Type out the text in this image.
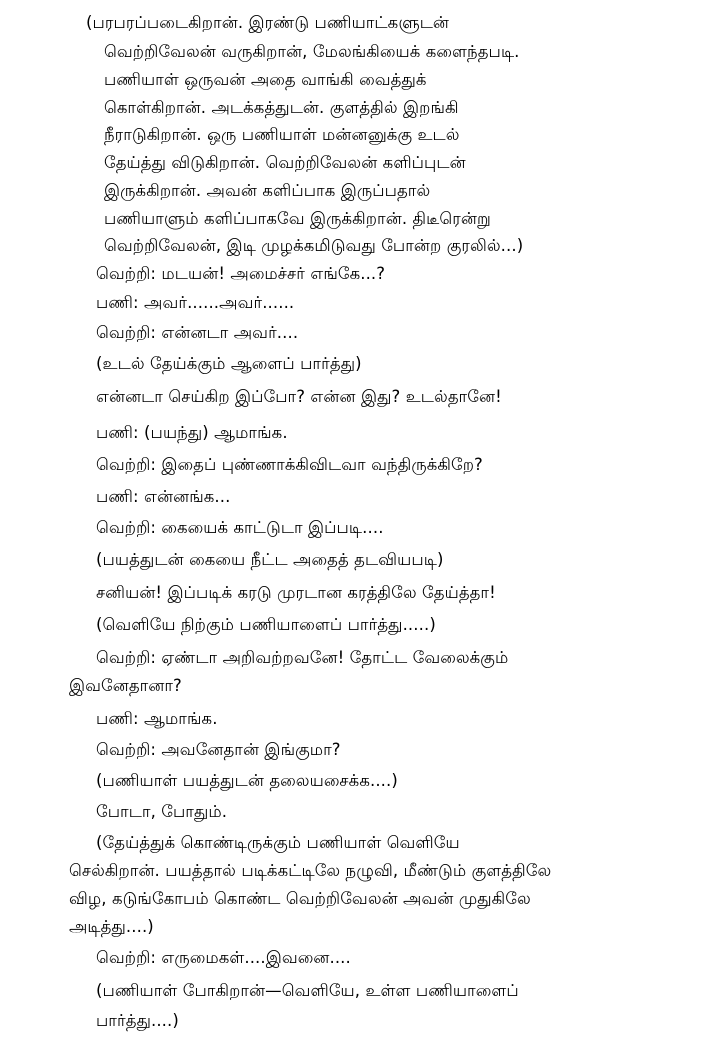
(பரபரப்படைகிறான். இரண்டு பணியாட்களுடன்
வெற்றிவேலன் வருகிறான், மேலங்கியைக் களைந்தபடி.
பணியாள் ஒருவன் அதை வாங்கி வைத்துக்
கொள்கிறான். அடக்கத்துடன். குளத்தில் இறங்கி
நீராடுகிறான். ஒரு பணியாள் மன்னனுக்கு உடல்
தேய்த்து விடுகிறான். வெற்றிவேலன் களிப்புடன்
இருக்கிறான். அவன் களிப்பாக இருப்பதால்
பணியாளும் களிப்பாகவே இருக்கிறான். திடீரென்று
வெற்றிவேலன், இடி முழக்கமிடுவது போன்ற குரலில்...)
வெற்றி: மடயன்! அமைச்சர் எங்கே...?
பணி: அவர்......அவர்......
வெற்றி: என்னடா அவர்....
(உடல் தேய்க்கும் ஆளைப் பார்த்து)
என்னடா செய்கிற இப்போ? என்ன இது? உடல்தானே!
பணி: (பயந்து) ஆமாங்க.
வெற்றி: இதைப் புண்ணாக்கிவிடவா வந்திருக்கிறே?
பணி: என்னங்க...
வெற்றி: கையைக் காட்டுடா இப்படி....
(பயத்துடன் கையை நீட்ட அதைத் தடவியபடி)
சனியன்! இப்படிக் கரடு முரடான கரத்திலே தேய்த்தா!
(வெளியே நிற்கும் பணியாளைப் பார்த்து.....)
வெற்றி: ஏண்டா அறிவற்றவனே! தோட்ட வேலைக்கும்
இவனேதானா?
பணி: ஆமாங்க.
வெற்றி: அவனேதான் இங்குமா?
(பணியாள் பயத்துடன் தலையசைக்க....)
போடா, போதும்.
(தேய்த்துக் கொண்டிருக்கும் பணியாள் வெளியே
செல்கிறான். பயத்தால் படிக்கட்டிலே நழுவி, மீண்டும் குளத்திலே
விழ, கடுங்கோபம் கொண்ட வெற்றிவேலன் அவன் முதுகிலே
அடித்து....)
வெற்றி: எருமைகள்....இவனை....
(பணியாள் போகிறான்—வெளியே, உள்ள பணியாளைப்
பார்த்து....)
